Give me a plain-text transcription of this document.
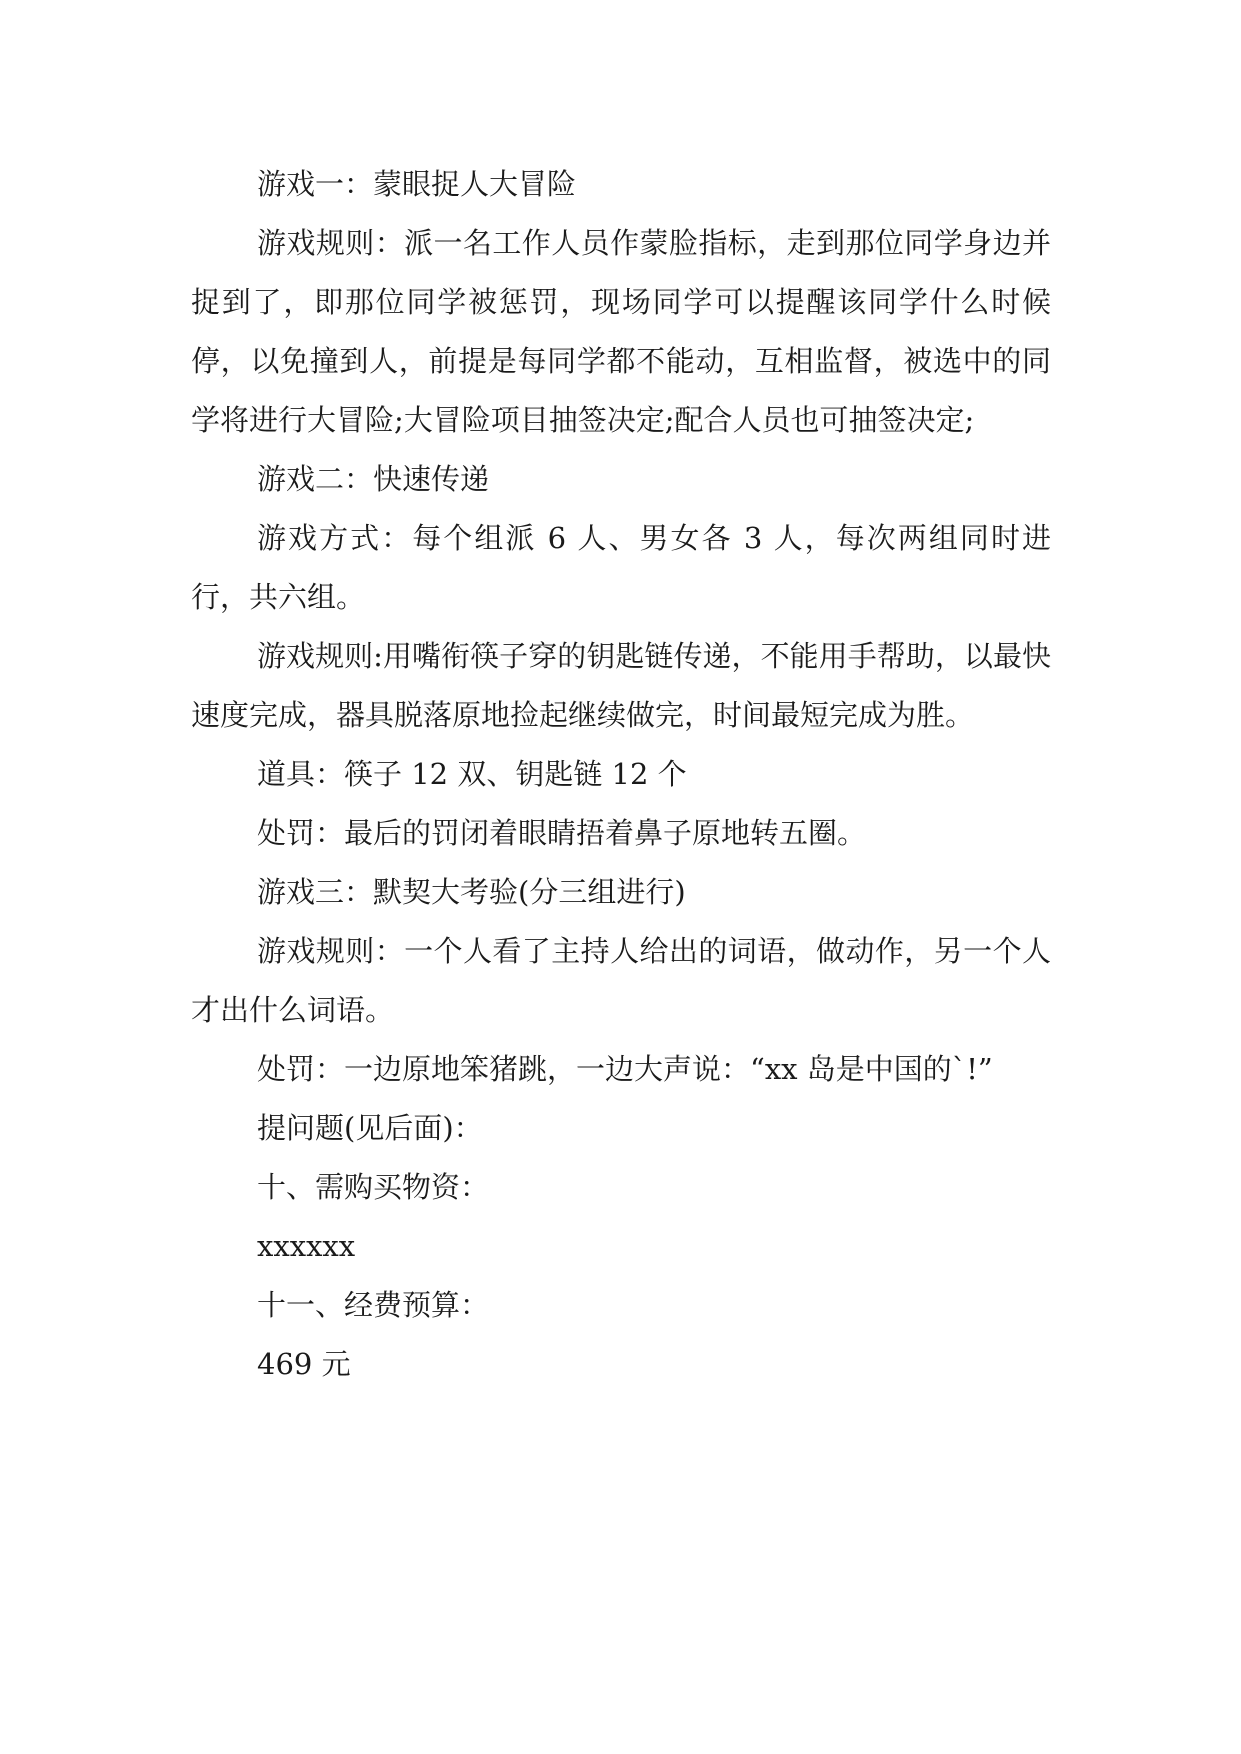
游戏一：蒙眼捉人大冒险

游戏规则：派一名工作人员作蒙脸指标，走到那位同学身边并捉到了，即那位同学被惩罚，现场同学可以提醒该同学什么时候停，以免撞到人，前提是每同学都不能动，互相监督，被选中的同学将进行大冒险;大冒险项目抽签决定;配合人员也可抽签决定;

游戏二：快速传递

游戏方式：每个组派 6 人、男女各 3 人，每次两组同时进行，共六组。

游戏规则:用嘴衔筷子穿的钥匙链传递，不能用手帮助，以最快速度完成，器具脱落原地捡起继续做完，时间最短完成为胜。

道具：筷子 12 双、钥匙链 12 个

处罚：最后的罚闭着眼睛捂着鼻子原地转五圈。

游戏三：默契大考验(分三组进行)

游戏规则：一个人看了主持人给出的词语，做动作，另一个人才出什么词语。

处罚：一边原地笨猪跳，一边大声说：“xx 岛是中国的`!”

提问题(见后面)：

十、需购买物资：

xxxxxx

十一、经费预算：

469 元
